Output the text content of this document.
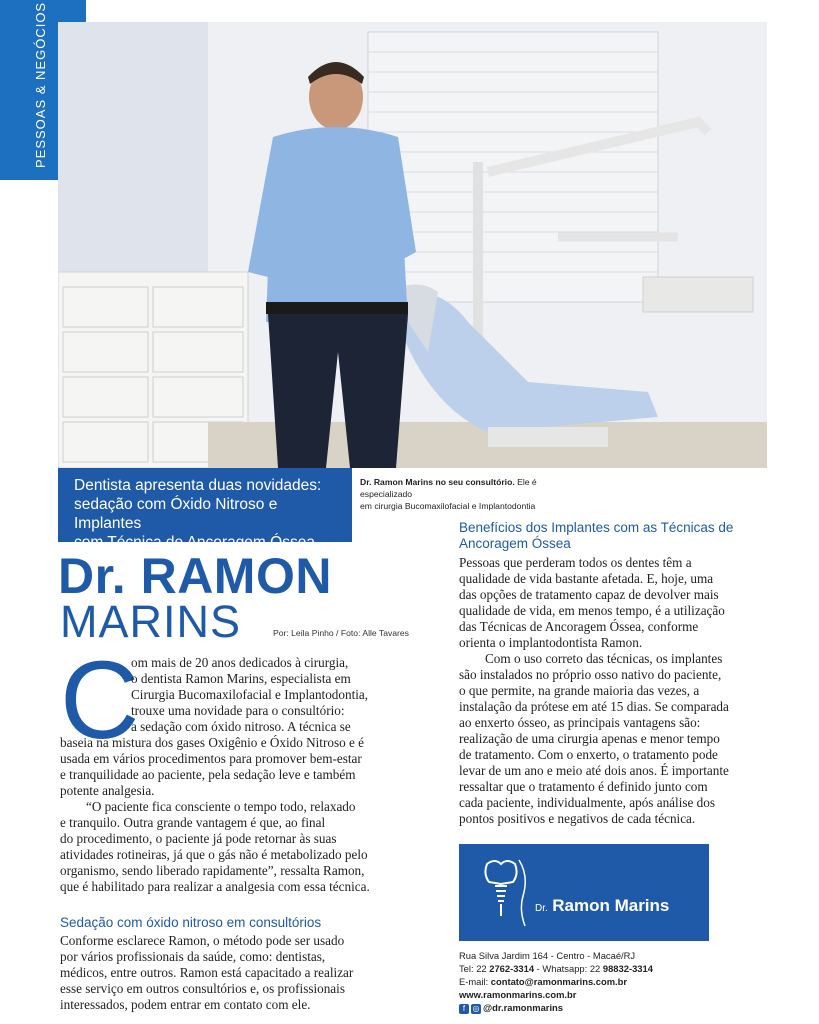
PESSOAS & NEGÓCIOS
Dentista apresenta duas novidades:
sedação com Óxido Nitroso e Implantes
com Técnica de Ancoragem Óssea
Dr. Ramon Marins no seu consultório. Ele é especializado
em cirurgia Bucomaxilofacial e Implantodontia
Dr. RAMON
MARINS	Por: Leila Pinho / Foto: Alle Tavares
C
om mais de 20 anos dedicados à cirurgia,
o dentista Ramon Marins, especialista em
Cirurgia Bucomaxilofacial e Implantodontia,
trouxe uma novidade para o consultório:
a sedação com óxido nitroso. A técnica se
baseia na mistura dos gases Oxigênio e Óxido Nitroso e é
usada em vários procedimentos para promover bem-estar
e tranquilidade ao paciente, pela sedação leve e também
potente analgesia.
“O paciente fica consciente o tempo todo, relaxado
e tranquilo. Outra grande vantagem é que, ao final
do procedimento, o paciente já pode retornar às suas
atividades rotineiras, já que o gás não é metabolizado pelo
organismo, sendo liberado rapidamente”, ressalta Ramon,
que é habilitado para realizar a analgesia com essa técnica.
Sedação com óxido nitroso em consultórios
Conforme esclarece Ramon, o método pode ser usado
por vários profissionais da saúde, como: dentistas,
médicos, entre outros. Ramon está capacitado a realizar
esse serviço em outros consultórios e, os profissionais
interessados, podem entrar em contato com ele.
Benefícios dos Implantes com as Técnicas de
Ancoragem Óssea
Pessoas que perderam todos os dentes têm a
qualidade de vida bastante afetada. E, hoje, uma
das opções de tratamento capaz de devolver mais
qualidade de vida, em menos tempo, é a utilização
das Técnicas de Ancoragem Óssea, conforme
orienta o implantodontista Ramon.
Com o uso correto das técnicas, os implantes
são instalados no próprio osso nativo do paciente,
o que permite, na grande maioria das vezes, a
instalação da prótese em até 15 dias. Se comparada
ao enxerto ósseo, as principais vantagens são:
realização de uma cirurgia apenas e menor tempo
de tratamento. Com o enxerto, o tratamento pode
levar de um ano e meio até dois anos. É importante
ressaltar que o tratamento é definido junto com
cada paciente, individualmente, após análise dos
pontos positivos e negativos de cada técnica.
Dr. Ramon Marins
Rua Silva Jardim 164 - Centro - Macaé/RJ
Tel: 22 2762-3314 - Whatsapp: 22 98832-3314
E-mail: contato@ramonmarins.com.br
www.ramonmarins.com.br
f ◎ @dr.ramonmarins
